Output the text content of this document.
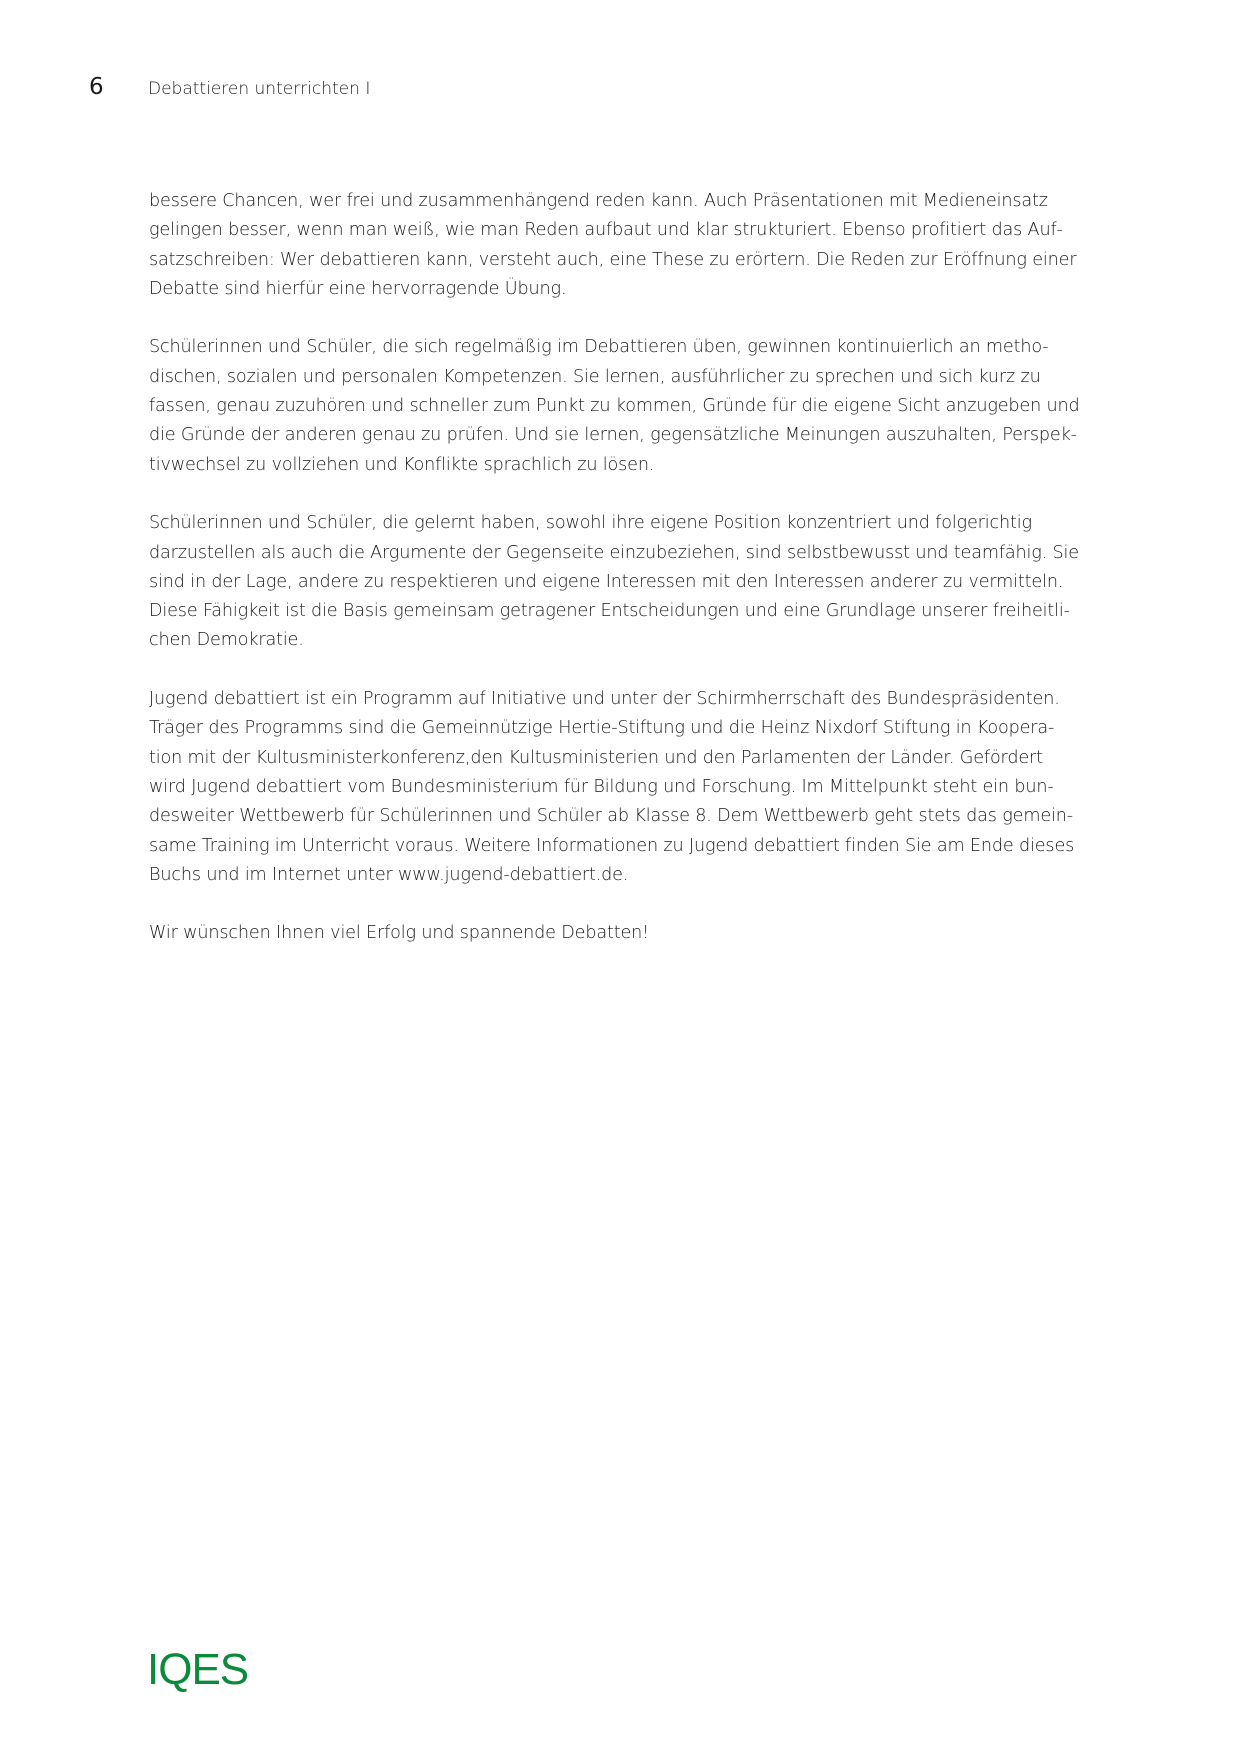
6	Debattieren unterrichten I

bessere Chancen, wer frei und zusammenhängend reden kann. Auch Präsentationen mit Medieneinsatz
gelingen besser, wenn man weiß, wie man Reden aufbaut und klar strukturiert. Ebenso profitiert das Auf-
satzschreiben: Wer debattieren kann, versteht auch, eine These zu erörtern. Die Reden zur Eröffnung einer
Debatte sind hierfür eine hervorragende Übung.

Schülerinnen und Schüler, die sich regelmäßig im Debattieren üben, gewinnen kontinuierlich an metho-
dischen, sozialen und personalen Kompetenzen. Sie lernen, ausführlicher zu sprechen und sich kurz zu
fassen, genau zuzuhören und schneller zum Punkt zu kommen, Gründe für die eigene Sicht anzugeben und
die Gründe der anderen genau zu prüfen. Und sie lernen, gegensätzliche Meinungen auszuhalten, Perspek-
tivwechsel zu vollziehen und Konflikte sprachlich zu lösen.

Schülerinnen und Schüler, die gelernt haben, sowohl ihre eigene Position konzentriert und folgerichtig
darzustellen als auch die Argumente der Gegenseite einzubeziehen, sind selbstbewusst und teamfähig. Sie
sind in der Lage, andere zu respektieren und eigene Interessen mit den Interessen anderer zu vermitteln.
Diese Fähigkeit ist die Basis gemeinsam getragener Entscheidungen und eine Grundlage unserer freiheitli-
chen Demokratie.

Jugend debattiert ist ein Programm auf Initiative und unter der Schirmherrschaft des Bundespräsidenten.
Träger des Programms sind die Gemeinnützige Hertie-Stiftung und die Heinz Nixdorf Stiftung in Koopera-
tion mit der Kultusministerkonferenz,den Kultusministerien und den Parlamenten der Länder. Gefördert
wird Jugend debattiert vom Bundesministerium für Bildung und Forschung. Im Mittelpunkt steht ein bun-
desweiter Wettbewerb für Schülerinnen und Schüler ab Klasse 8. Dem Wettbewerb geht stets das gemein-
same Training im Unterricht voraus. Weitere Informationen zu Jugend debattiert finden Sie am Ende dieses
Buchs und im Internet unter www.jugend-debattiert.de.

Wir wünschen Ihnen viel Erfolg und spannende Debatten!

IQES
